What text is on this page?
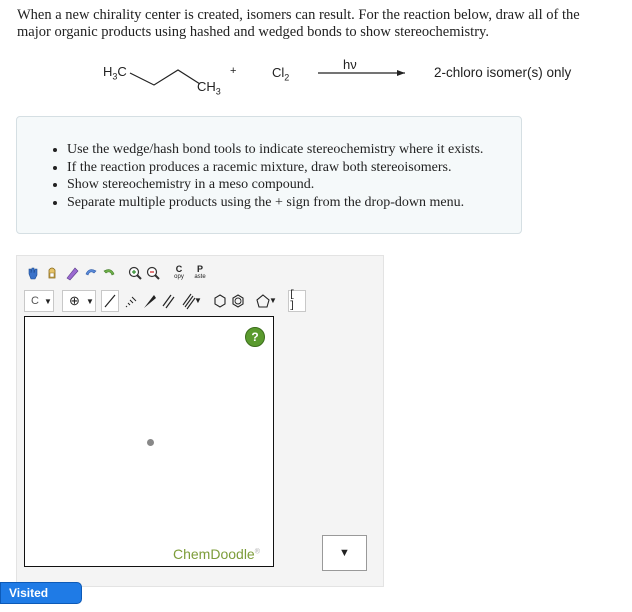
When a new chirality center is created, isomers can result. For the reaction below, draw all of the major organic products using hashed and wedged bonds to show stereochemistry.
$H_3C$
$CH_3$
+	$Cl_2$
hν
2-chloro isomer(s) only
• Use the wedge/hash bond tools to indicate stereochemistry where it exists.
• If the reaction produces a racemic mixture, draw both stereoisomers.
• Show stereochemistry in a meso compound.
• Separate multiple products using the + sign from the drop-down menu.
C
opy
P
aste
C ▼ ⊕ ▼	▼	▼ [ ]
?
ChemDoodle®	▼
Visited
